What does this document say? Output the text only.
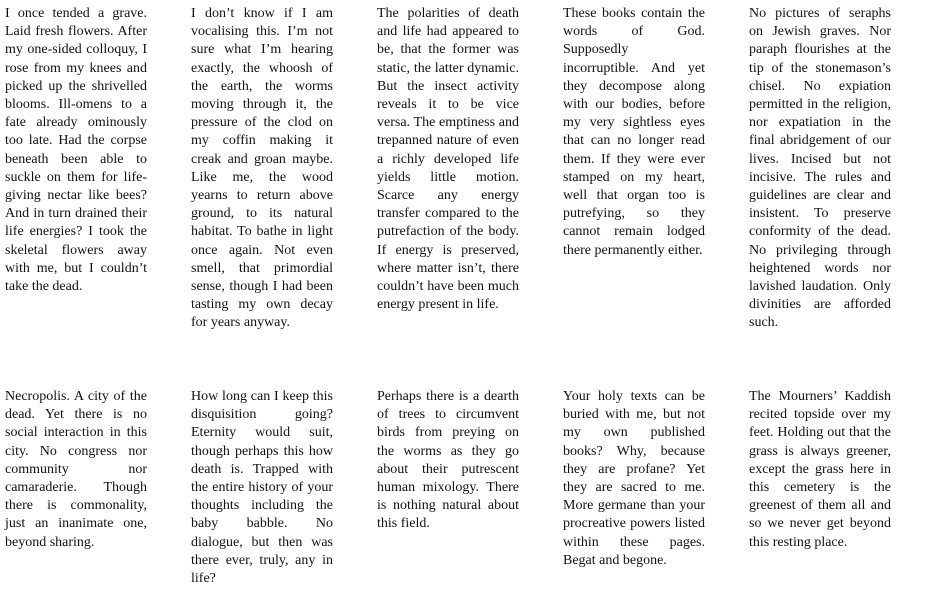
I once tended a grave. Laid fresh flowers. After my one-sided colloquy, I rose from my knees and picked up the shrivelled blooms. Ill-omens to a fate already ominously too late. Had the corpse beneath been able to suckle on them for life-giving nectar like bees? And in turn drained their life energies? I took the skeletal flowers away with me, but I couldn’t take the dead.
I don’t know if I am vocalising this. I’m not sure what I’m hearing exactly, the whoosh of the earth, the worms moving through it, the pressure of the clod on my coffin making it creak and groan maybe. Like me, the wood yearns to return above ground, to its natural habitat. To bathe in light once again. Not even smell, that primordial sense, though I had been tasting my own decay for years anyway.
The polarities of death and life had appeared to be, that the former was static, the latter dynamic. But the insect activity reveals it to be vice versa. The emptiness and trepanned nature of even a richly developed life yields little motion. Scarce any energy transfer compared to the putrefaction of the body. If energy is preserved, where matter isn’t, there couldn’t have been much energy present in life.
These books contain the words of God. Supposedly incorruptible. And yet they decompose along with our bodies, before my very sightless eyes that can no longer read them. If they were ever stamped on my heart, well that organ too is putrefying, so they cannot remain lodged there permanently either.
No pictures of seraphs on Jewish graves. Nor paraph flourishes at the tip of the stonemason’s chisel. No expiation permitted in the religion, nor expatiation in the final abridgement of our lives. Incised but not incisive. The rules and guidelines are clear and insistent. To preserve conformity of the dead. No privileging through heightened words nor lavished laudation. Only divinities are afforded such.
Necropolis. A city of the dead. Yet there is no social interaction in this city. No congress nor community nor camaraderie. Though there is commonality, just an inanimate one, beyond sharing.
How long can I keep this disquisition going? Eternity would suit, though perhaps this how death is. Trapped with the entire history of your thoughts including the baby babble. No dialogue, but then was there ever, truly, any in life?
Perhaps there is a dearth of trees to circumvent birds from preying on the worms as they go about their putrescent human mixology. There is nothing natural about this field.
Your holy texts can be buried with me, but not my own published books? Why, because they are profane? Yet they are sacred to me. More germane than your procreative powers listed within these pages. Begat and begone.
The Mourners’ Kaddish recited topside over my feet. Holding out that the grass is always greener, except the grass here in this cemetery is the greenest of them all and so we never get beyond this resting place.
